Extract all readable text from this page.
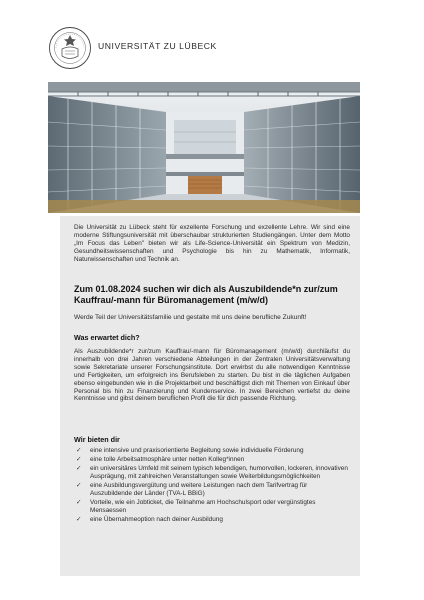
UNIVERSITÄT ZU LÜBECK
Die Universität zu Lübeck steht für exzellente Forschung und exzellente Lehre. Wir sind eine moderne Stiftungsuniversität mit überschaubar strukturierten Studiengängen. Unter dem Motto „Im Focus das Leben" bieten wir als Life-Science-Universität ein Spektrum von Medizin, Gesundheitswissenschaften und Psychologie bis hin zu Mathematik, Informatik, Naturwissenschaften und Technik an.
Zum 01.08.2024 suchen wir dich als Auszubildende*n zur/zum Kauffrau/-mann für Büromanagement (m/w/d)
Werde Teil der Universitätsfamilie und gestalte mit uns deine berufliche Zukunft!
Was erwartet dich?
Als Auszubildende*r zur/zum Kauffrau/-mann für Büromanagement (m/w/d) durchläufst du innerhalb von drei Jahren verschiedene Abteilungen in der Zentralen Universitätsverwaltung sowie Sekretariate unserer Forschungsinstitute. Dort erwirbst du alle notwendigen Kenntnisse und Fertigkeiten, um erfolgreich ins Berufsleben zu starten. Du bist in die täglichen Aufgaben ebenso eingebunden wie in die Projektarbeit und beschäftigst dich mit Themen von Einkauf über Personal bis hin zu Finanzierung und Kundenservice. In zwei Bereichen vertiefst du deine Kenntnisse und gibst deinem beruflichen Profil die für dich passende Richtung.
Wir bieten dir
✓ eine intensive und praxisorientierte Begleitung sowie individuelle Förderung
✓ eine tolle Arbeitsatmosphäre unter netten Kolleg*innen
✓ ein universitäres Umfeld mit seinem typisch lebendigen, humorvollen, lockeren, innovativen Ausprägung, mit zahlreichen Veranstaltungen sowie Weiterbildungsmöglichkeiten
✓ eine Ausbildungsvergütung und weitere Leistungen nach dem Tarifvertrag für Auszubildende der Länder (TVA-L BBiG)
✓ Vorteile, wie ein Jobticket, die Teilnahme am Hochschulsport oder vergünstigtes Mensaessen
✓ eine Übernahmeoption nach deiner Ausbildung
